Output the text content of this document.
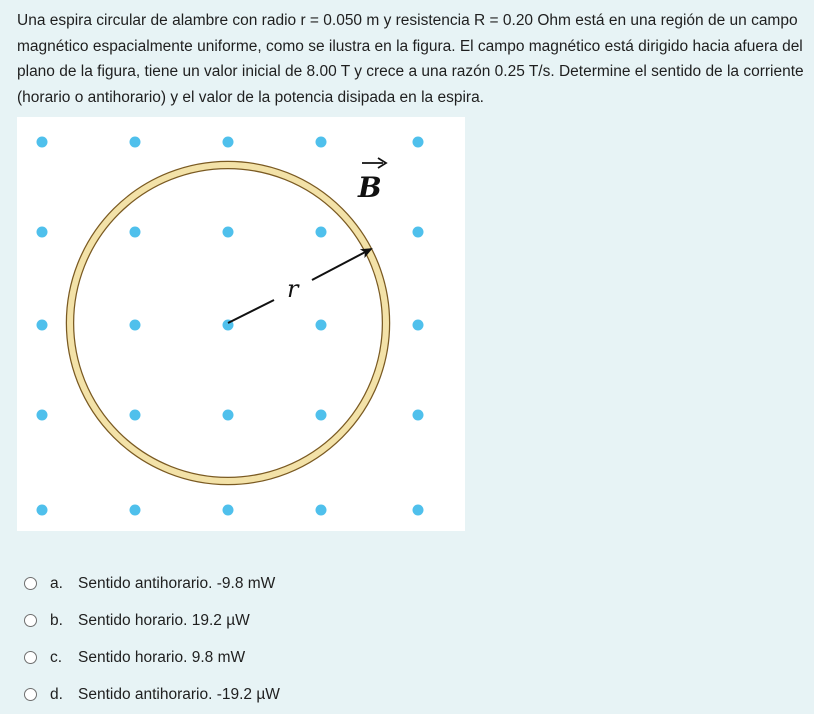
Una espira circular de alambre con radio r = 0.050 m y resistencia R = 0.20 Ohm está en una región de un campo magnético espacialmente uniforme, como se ilustra en la figura. El campo magnético está dirigido hacia afuera del plano de la figura, tiene un valor inicial de 8.00 T y crece a una razón 0.25 T/s. Determine el sentido de la corriente (horario o antihorario) y el valor de la potencia disipada en la espira.

r
B
a. Sentido antihorario. -9.8 mW
b. Sentido horario. 19.2 µW
c.	Sentido horario. 9.8 mW
d. Sentido antihorario. -19.2 µW
